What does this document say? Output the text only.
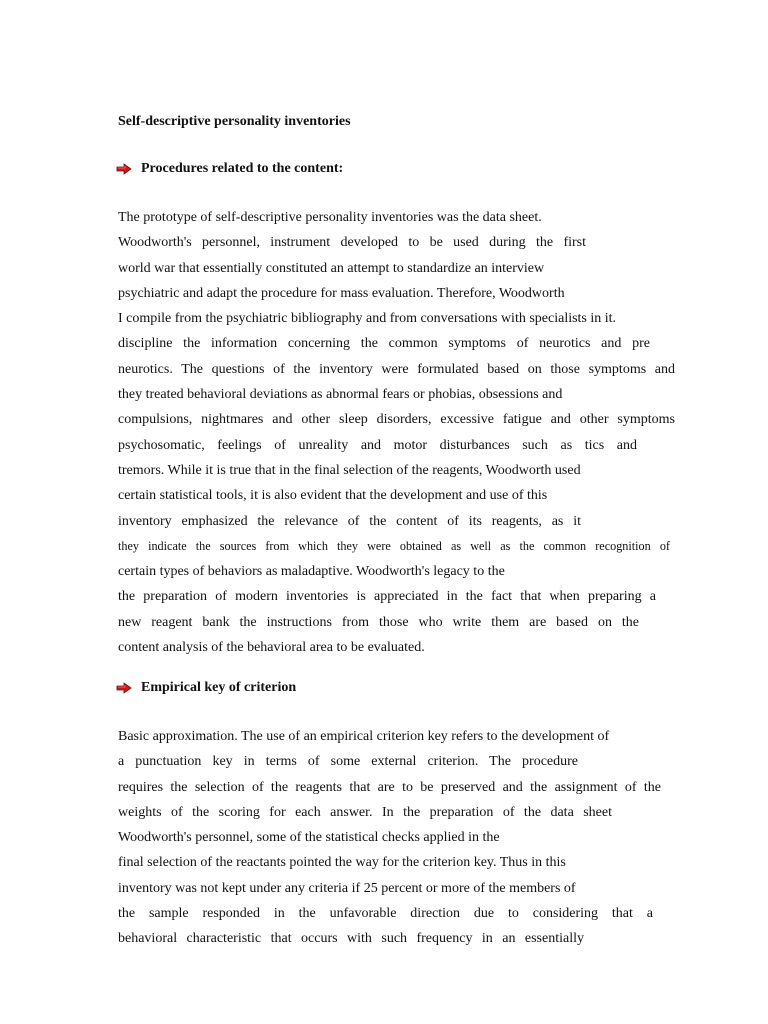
Self-descriptive personality inventories
Procedures related to the content:
The prototype of self-descriptive personality inventories was the data sheet.
Woodworth's personnel, instrument developed to be used during the first
world war that essentially constituted an attempt to standardize an interview
psychiatric and adapt the procedure for mass evaluation. Therefore, Woodworth
I compile from the psychiatric bibliography and from conversations with specialists in it.
discipline the information concerning the common symptoms of neurotics and pre
neurotics. The questions of the inventory were formulated based on those symptoms and
they treated behavioral deviations as abnormal fears or phobias, obsessions and
compulsions, nightmares and other sleep disorders, excessive fatigue and other symptoms
psychosomatic, feelings of unreality and motor disturbances such as tics and
tremors. While it is true that in the final selection of the reagents, Woodworth used
certain statistical tools, it is also evident that the development and use of this
inventory emphasized the relevance of the content of its reagents, as it
they indicate the sources from which they were obtained as well as the common recognition of
certain types of behaviors as maladaptive. Woodworth's legacy to the
the preparation of modern inventories is appreciated in the fact that when preparing a
new reagent bank the instructions from those who write them are based on the
content analysis of the behavioral area to be evaluated.
Empirical key of criterion
Basic approximation. The use of an empirical criterion key refers to the development of
a punctuation key in terms of some external criterion. The procedure
requires the selection of the reagents that are to be preserved and the assignment of the
weights of the scoring for each answer. In the preparation of the data sheet
Woodworth's personnel, some of the statistical checks applied in the
final selection of the reactants pointed the way for the criterion key. Thus in this
inventory was not kept under any criteria if 25 percent or more of the members of
the sample responded in the unfavorable direction due to considering that a
behavioral characteristic that occurs with such frequency in an essentially
